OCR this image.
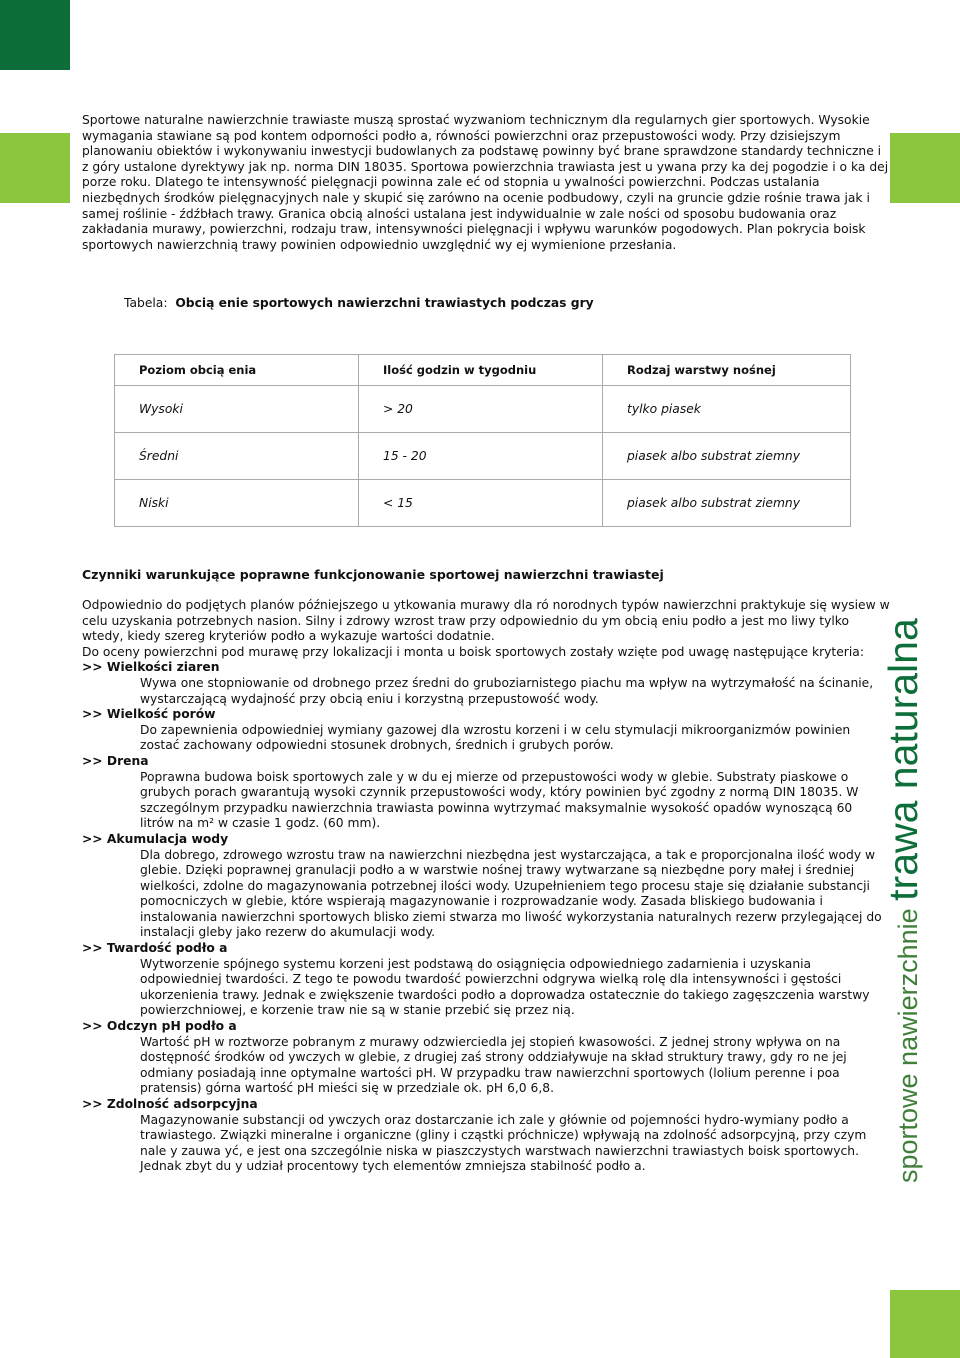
sportowe nawierzchnie trawa naturalna

Sportowe naturalne nawierzchnie trawiaste muszą sprostać wyzwaniom technicznym dla regularnych gier sportowych. Wysokie wymagania stawiane są pod kontem odporności podło a, równości powierzchni oraz przepustowości wody. Przy dzisiejszym planowaniu obiektów i wykonywaniu inwestycji budowlanych za podstawę powinny być brane sprawdzone standardy techniczne i z góry ustalone dyrektywy jak np. norma DIN 18035. Sportowa powierzchnia trawiasta jest u ywana przy ka dej pogodzie i o ka dej porze roku. Dlatego te intensywność pielęgnacji powinna zale eć od stopnia u ywalności powierzchni. Podczas ustalania niezbędnych środków pielęgnacyjnych nale y skupić się zarówno na ocenie podbudowy, czyli na gruncie gdzie rośnie trawa jak i samej roślinie - źdźbłach trawy. Granica obcią alności ustalana jest indywidualnie w zale ności od sposobu budowania oraz zakładania murawy, powierzchni, rodzaju traw, intensywności pielęgnacji i wpływu warunków pogodowych. Plan pokrycia boisk sportowych nawierzchnią trawy powinien odpowiednio uwzględnić wy ej wymienione przesłania.

Tabela: Obcią enie sportowych nawierzchni trawiastych podczas gry
Poziom obcią enia	Ilość godzin w tygodniu	Rodzaj warstwy nośnej
Wysoki	> 20	tylko piasek
Średni	15 - 20	piasek albo substrat ziemny
Niski	< 15	piasek albo substrat ziemny
Czynniki warunkujące poprawne funkcjonowanie sportowej nawierzchni trawiastej
Odpowiednio do podjętych planów późniejszego u ytkowania murawy dla ró norodnych typów nawierzchni praktykuje się wysiew w celu uzyskania potrzebnych nasion. Silny i zdrowy wzrost traw przy odpowiednio du ym obcią eniu podło a jest mo liwy tylko wtedy, kiedy szereg kryteriów podło a wykazuje wartości dodatnie.
Do oceny powierzchni pod murawę przy lokalizacji i monta u boisk sportowych zostały wzięte pod uwagę następujące kryteria:
>> Wielkości ziaren
Wywa one stopniowanie od drobnego przez średni do gruboziarnistego piachu ma wpływ na wytrzymałość na ścinanie, wystarczającą wydajność przy obcią eniu i korzystną przepustowość wody.
>> Wielkość porów
Do zapewnienia odpowiedniej wymiany gazowej dla wzrostu korzeni i w celu stymulacji mikroorganizmów powinien zostać zachowany odpowiedni stosunek drobnych, średnich i grubych porów.
>> Drena
Poprawna budowa boisk sportowych zale y w du ej mierze od przepustowości wody w glebie. Substraty piaskowe o grubych porach gwarantują wysoki czynnik przepustowości wody, który powinien być zgodny z normą DIN 18035. W szczególnym przypadku nawierzchnia trawiasta powinna wytrzymać maksymalnie wysokość opadów wynoszącą 60 litrów na m² w czasie 1 godz. (60 mm).
>> Akumulacja wody
Dla dobrego, zdrowego wzrostu traw na nawierzchni niezbędna jest wystarczająca, a tak e proporcjonalna ilość wody w glebie. Dzięki poprawnej granulacji podło a w warstwie nośnej trawy wytwarzane są niezbędne pory małej i średniej wielkości, zdolne do magazynowania potrzebnej ilości wody. Uzupełnieniem tego procesu staje się działanie substancji pomocniczych w glebie, które wspierają magazynowanie i rozprowadzanie wody. Zasada bliskiego budowania i instalowania nawierzchni sportowych blisko ziemi stwarza mo liwość wykorzystania naturalnych rezerw przylegającej do instalacji gleby jako rezerw do akumulacji wody.
>> Twardość podło a
Wytworzenie spójnego systemu korzeni jest podstawą do osiągnięcia odpowiedniego zadarnienia i uzyskania odpowiedniej twardości. Z tego te powodu twardość powierzchni odgrywa wielką rolę dla intensywności i gęstości ukorzenienia trawy. Jednak e zwiększenie twardości podło a doprowadza ostatecznie do takiego zagęszczenia warstwy powierzchniowej, e korzenie traw nie są w stanie przebić się przez nią.
>> Odczyn pH podło a
Wartość pH w roztworze pobranym z murawy odzwierciedla jej stopień kwasowości. Z jednej strony wpływa on na dostępność środków od ywczych w glebie, z drugiej zaś strony oddziaływuje na skład struktury trawy, gdy ro ne jej odmiany posiadają inne optymalne wartości pH. W przypadku traw nawierzchni sportowych (lolium perenne i poa pratensis) górna wartość pH mieści się w przedziale ok. pH 6,0 6,8.
>> Zdolność adsorpcyjna
Magazynowanie substancji od ywczych oraz dostarczanie ich zale y głównie od pojemności hydro-wymiany podło a trawiastego. Związki mineralne i organiczne (gliny i cząstki próchnicze) wpływają na zdolność adsorpcyjną, przy czym nale y zauwa yć, e jest ona szczególnie niska w piaszczystych warstwach nawierzchni trawiastych boisk sportowych. Jednak zbyt du y udział procentowy tych elementów zmniejsza stabilność podło a.
